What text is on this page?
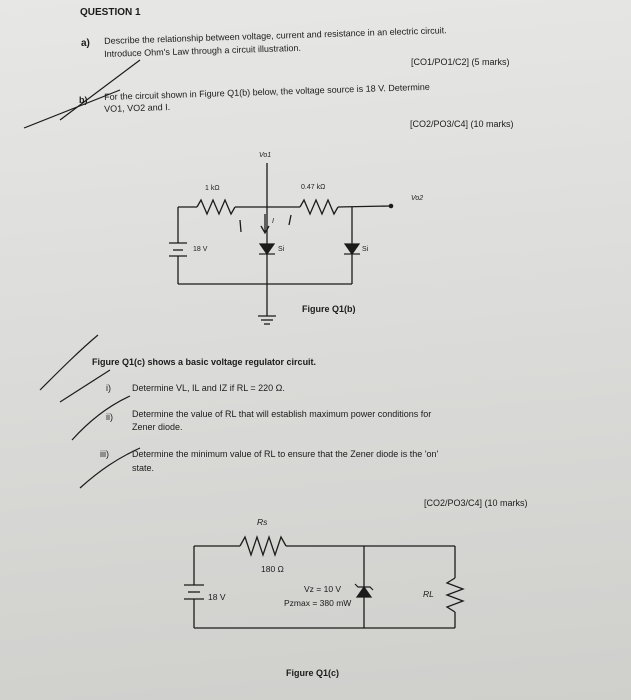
QUESTION 1
a) Describe the relationship between voltage, current and resistance in an electric circuit.
Introduce Ohm's Law through a circuit illustration.
[CO1/PO1/C2] (5 marks)
b) For the circuit shown in Figure Q1(b) below, the voltage source is 18 V. Determine
VO1, VO2 and I.
[CO2/PO3/C4] (10 marks)
Vo1
1 kΩ	0.47 kΩ
Vo2
I
18 V	Si	Si
Figure Q1(b)
Figure Q1(c) shows a basic voltage regulator circuit.
i) Determine VL, IL and IZ if RL = 220 Ω.
ii) Determine the value of RL that will establish maximum power conditions for
Zener diode.
iii)	Determine the minimum value of RL to ensure that the Zener diode is the 'on'
state.
[CO2/PO3/C4] (10 marks)
Rs
180 Ω
18 V
Vz = 10 V
Pzmax = 380 mW
RL
Figure Q1(c)
